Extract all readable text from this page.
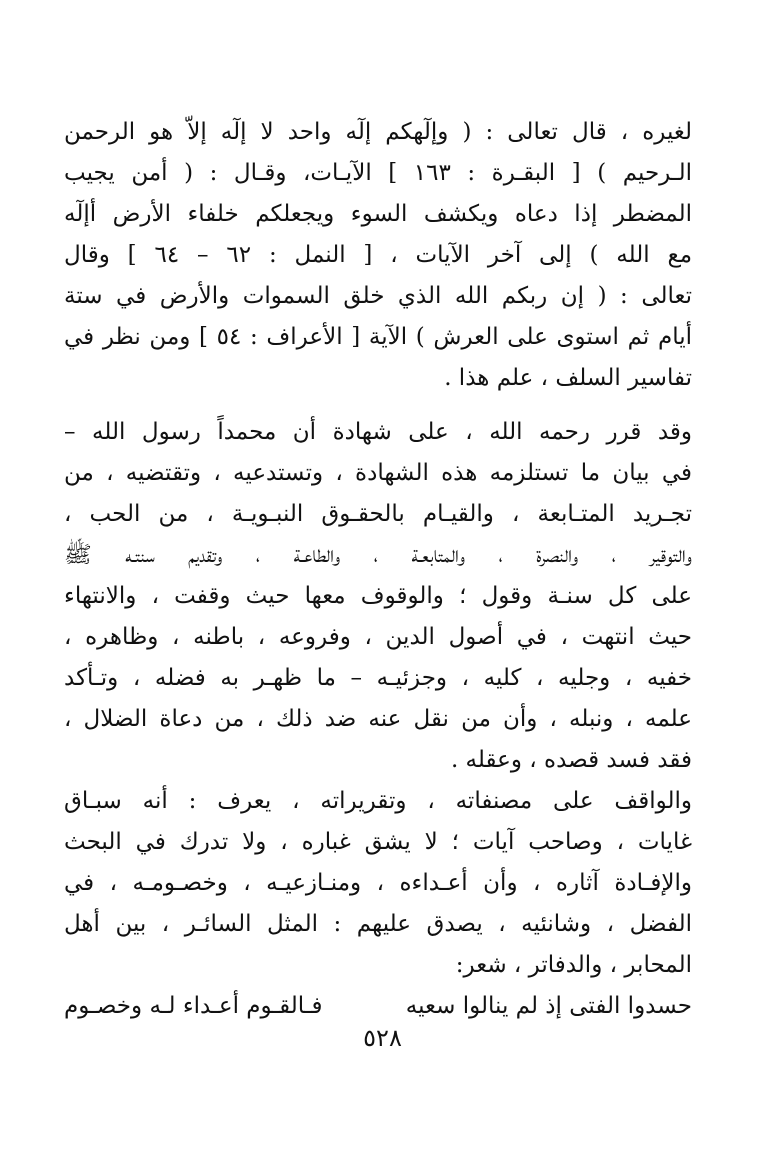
لغيره ، قال تعالى : ( وإلٓهكم إلٓه واحد لا إلٓه إلاّ هو الرحمن
الـرحيم ) [ البقـرة : ١٦٣ ] الآيـات، وقـال : ( أمن يجيب
المضطر إذا دعاه ويكشف السوء ويجعلكم خلفاء الأرض أإلٓه
مع الله ) إلى آخر الآيات ، [ النمل : ٦٢ – ٦٤ ] وقال
تعالى : ( إن ربكم الله الذي خلق السموات والأرض في ستة
أيام ثم استوى على العرش ) الآية [ الأعراف : ٥٤ ] ومن نظر في
تفاسير السلف ، علم هذا .
وقد قرر رحمه الله ، على شهادة أن محمداً رسول الله –
في بيان ما تستلزمه هذه الشهادة ، وتستدعيه ، وتقتضيه ، من
تجـريد المتـابعة ، والقيـام بالحقـوق النبـويـة ، من الحب ،
والتوقير ، والنصرة ، والمتابعـة ، والطاعـة ، وتقديم سنتـه ﷺ
على كل سنـة وقول ؛ والوقوف معها حيث وقفت ، والانتهاء
حيث انتهت ، في أصول الدين ، وفروعه ، باطنه ، وظاهره ،
خفيه ، وجليه ، كليه ، وجزئيـه – ما ظهـر به فضله ، وتـأكد
علمه ، ونبله ، وأن من نقل عنه ضد ذلك ، من دعاة الضلال ،
فقد فسد قصده ، وعقله .
والواقف على مصنفاته ، وتقريراته ، يعرف : أنه سبـاق
غايات ، وصاحب آيات ؛ لا يشق غباره ، ولا تدرك في البحث
والإفـادة آثاره ، وأن أعـداءه ، ومنـازعيـه ، وخصـومـه ، في
الفضل ، وشانئيه ، يصدق عليهم : المثل السائـر ، بين أهل
المحابر ، والدفاتر ، شعر:
حسدوا الفتى إذ لم ينالوا سعيه
فـالقـوم أعـداء لـه وخصـوم
٥٢٨
